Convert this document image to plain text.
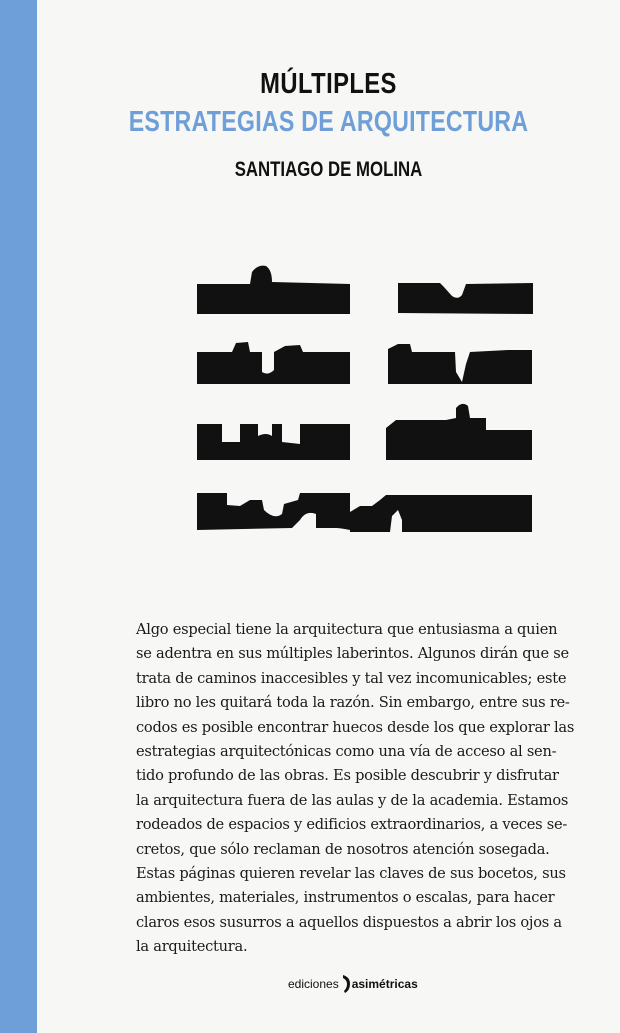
MÚLTIPLES
ESTRATEGIAS DE ARQUITECTURA
SANTIAGO DE MOLINA
Algo especial tiene la arquitectura que entusiasma a quien
se adentra en sus múltiples laberintos. Algunos dirán que se
trata de caminos inaccesibles y tal vez incomunicables; este
libro no les quitará toda la razón. Sin embargo, entre sus re-
codos es posible encontrar huecos desde los que explorar las
estrategias arquitectónicas como una vía de acceso al sen-
tido profundo de las obras. Es posible descubrir y disfrutar
la arquitectura fuera de las aulas y de la academia. Estamos
rodeados de espacios y edificios extraordinarios, a veces se-
cretos, que sólo reclaman de nosotros atención sosegada.
Estas páginas quieren revelar las claves de sus bocetos, sus
ambientes, materiales, instrumentos o escalas, para hacer
claros esos susurros a aquellos dispuestos a abrir los ojos a
la arquitectura.
ediciones asimétricas
